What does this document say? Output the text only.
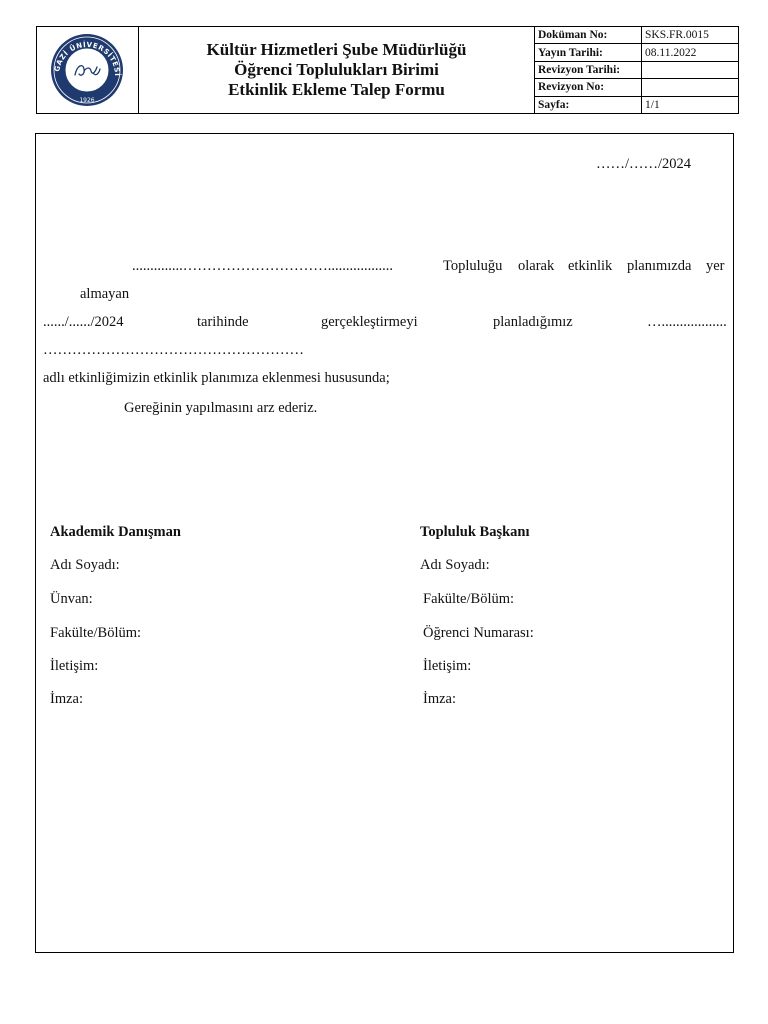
GAZİ ÜNİVERSİTESİ
1926
Kültür Hizmetleri Şube Müdürlüğü
Öğrenci Toplulukları Birimi
Etkinlik Ekleme Talep Formu
Doküman No:	SKS.FR.0015
Yayın Tarihi:	08.11.2022
Revizyon Tarihi:	
Revizyon No:	
Sayfa:	1/1
……/……/2024
..............…………………………..................	Topluluğu olarak etkinlik planımızda yer
almayan
....../....../2024	tarihinde	gerçekleştirmeyi	planladığımız	…..................
………………………………………………
adlı etkinliğimizin etkinlik planımıza eklenmesi hususunda;
Gereğinin yapılmasını arz ederiz.
Akademik Danışman
Adı Soyadı:
Ünvan:
Fakülte/Bölüm:
İletişim:
İmza:
Topluluk Başkanı
Adı Soyadı:
Fakülte/Bölüm:
Öğrenci Numarası:
İletişim:
İmza:
